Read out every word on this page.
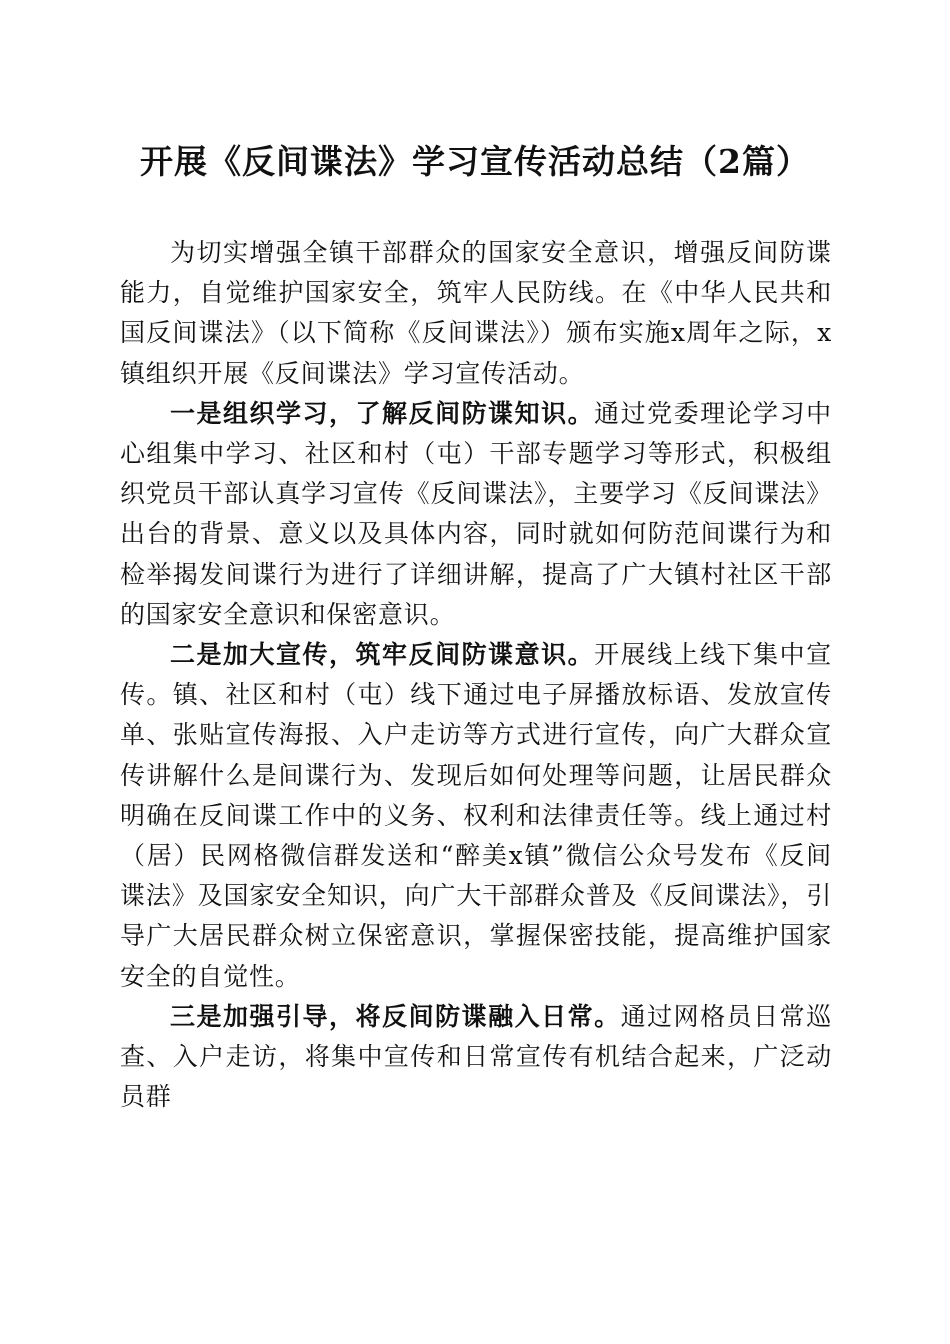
开展《反间谍法》学习宣传活动总结（2篇）

为切实增强全镇干部群众的国家安全意识，增强反间防谍能力，自觉维护国家安全，筑牢人民防线。在《中华人民共和国反间谍法》（以下简称《反间谍法》）颁布实施x周年之际，x镇组织开展《反间谍法》学习宣传活动。

一是组织学习，了解反间防谍知识。通过党委理论学习中心组集中学习、社区和村（屯）干部专题学习等形式，积极组织党员干部认真学习宣传《反间谍法》，主要学习《反间谍法》出台的背景、意义以及具体内容，同时就如何防范间谍行为和检举揭发间谍行为进行了详细讲解，提高了广大镇村社区干部的国家安全意识和保密意识。

二是加大宣传，筑牢反间防谍意识。开展线上线下集中宣传。镇、社区和村（屯）线下通过电子屏播放标语、发放宣传单、张贴宣传海报、入户走访等方式进行宣传，向广大群众宣传讲解什么是间谍行为、发现后如何处理等问题，让居民群众明确在反间谍工作中的义务、权利和法律责任等。线上通过村（居）民网格微信群发送和“醉美x镇”微信公众号发布《反间谍法》及国家安全知识，向广大干部群众普及《反间谍法》，引导广大居民群众树立保密意识，掌握保密技能，提高维护国家安全的自觉性。

三是加强引导，将反间防谍融入日常。通过网格员日常巡查、入户走访，将集中宣传和日常宣传有机结合起来，广泛动员群
